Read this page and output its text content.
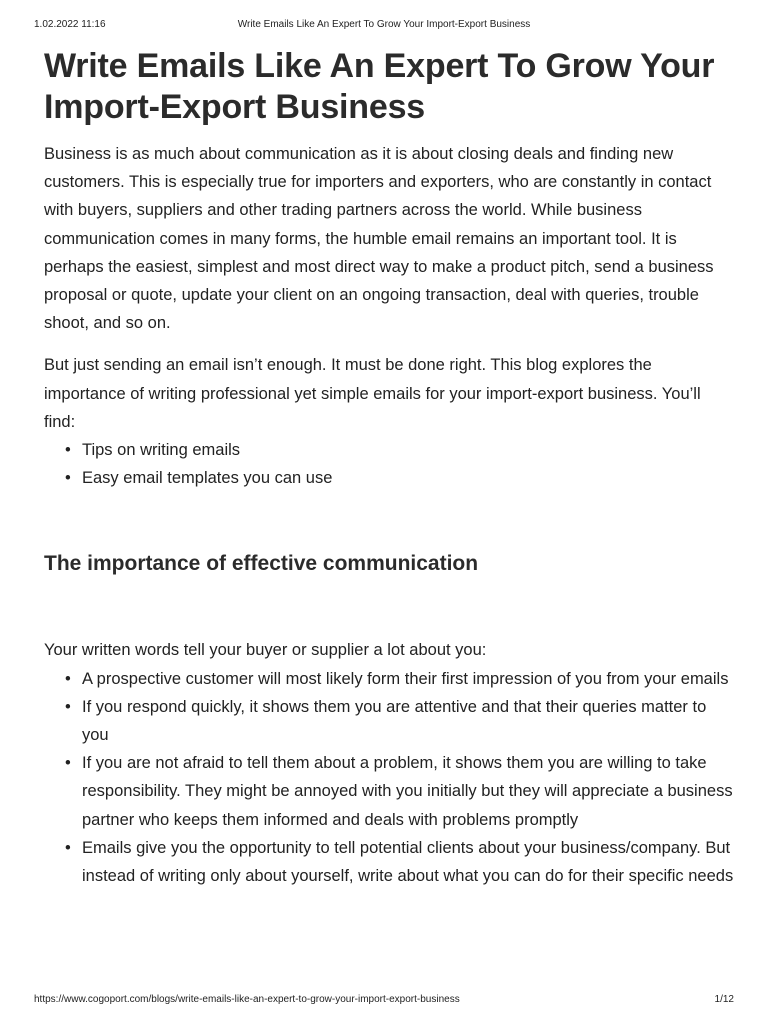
1.02.2022 11:16	Write Emails Like An Expert To Grow Your Import-Export Business
Write Emails Like An Expert To Grow Your Import-Export Business

Business is as much about communication as it is about closing deals and finding new customers. This is especially true for importers and exporters, who are constantly in contact with buyers, suppliers and other trading partners across the world. While business communication comes in many forms, the humble email remains an important tool. It is perhaps the easiest, simplest and most direct way to make a product pitch, send a business proposal or quote, update your client on an ongoing transaction, deal with queries, trouble shoot, and so on.

But just sending an email isn’t enough. It must be done right. This blog explores the importance of writing professional yet simple emails for your import-export business. You’ll find:

• Tips on writing emails
• Easy email templates you can use
The importance of effective communication

Your written words tell your buyer or supplier a lot about you:

• A prospective customer will most likely form their first impression of you from your emails
• If you respond quickly, it shows them you are attentive and that their queries matter to you
• If you are not afraid to tell them about a problem, it shows them you are willing to take responsibility. They might be annoyed with you initially but they will appreciate a business partner who keeps them informed and deals with problems promptly
• Emails give you the opportunity to tell potential clients about your business/company. But instead of writing only about yourself, write about what you can do for their specific needs
https://www.cogoport.com/blogs/write-emails-like-an-expert-to-grow-your-import-export-business	1/12
